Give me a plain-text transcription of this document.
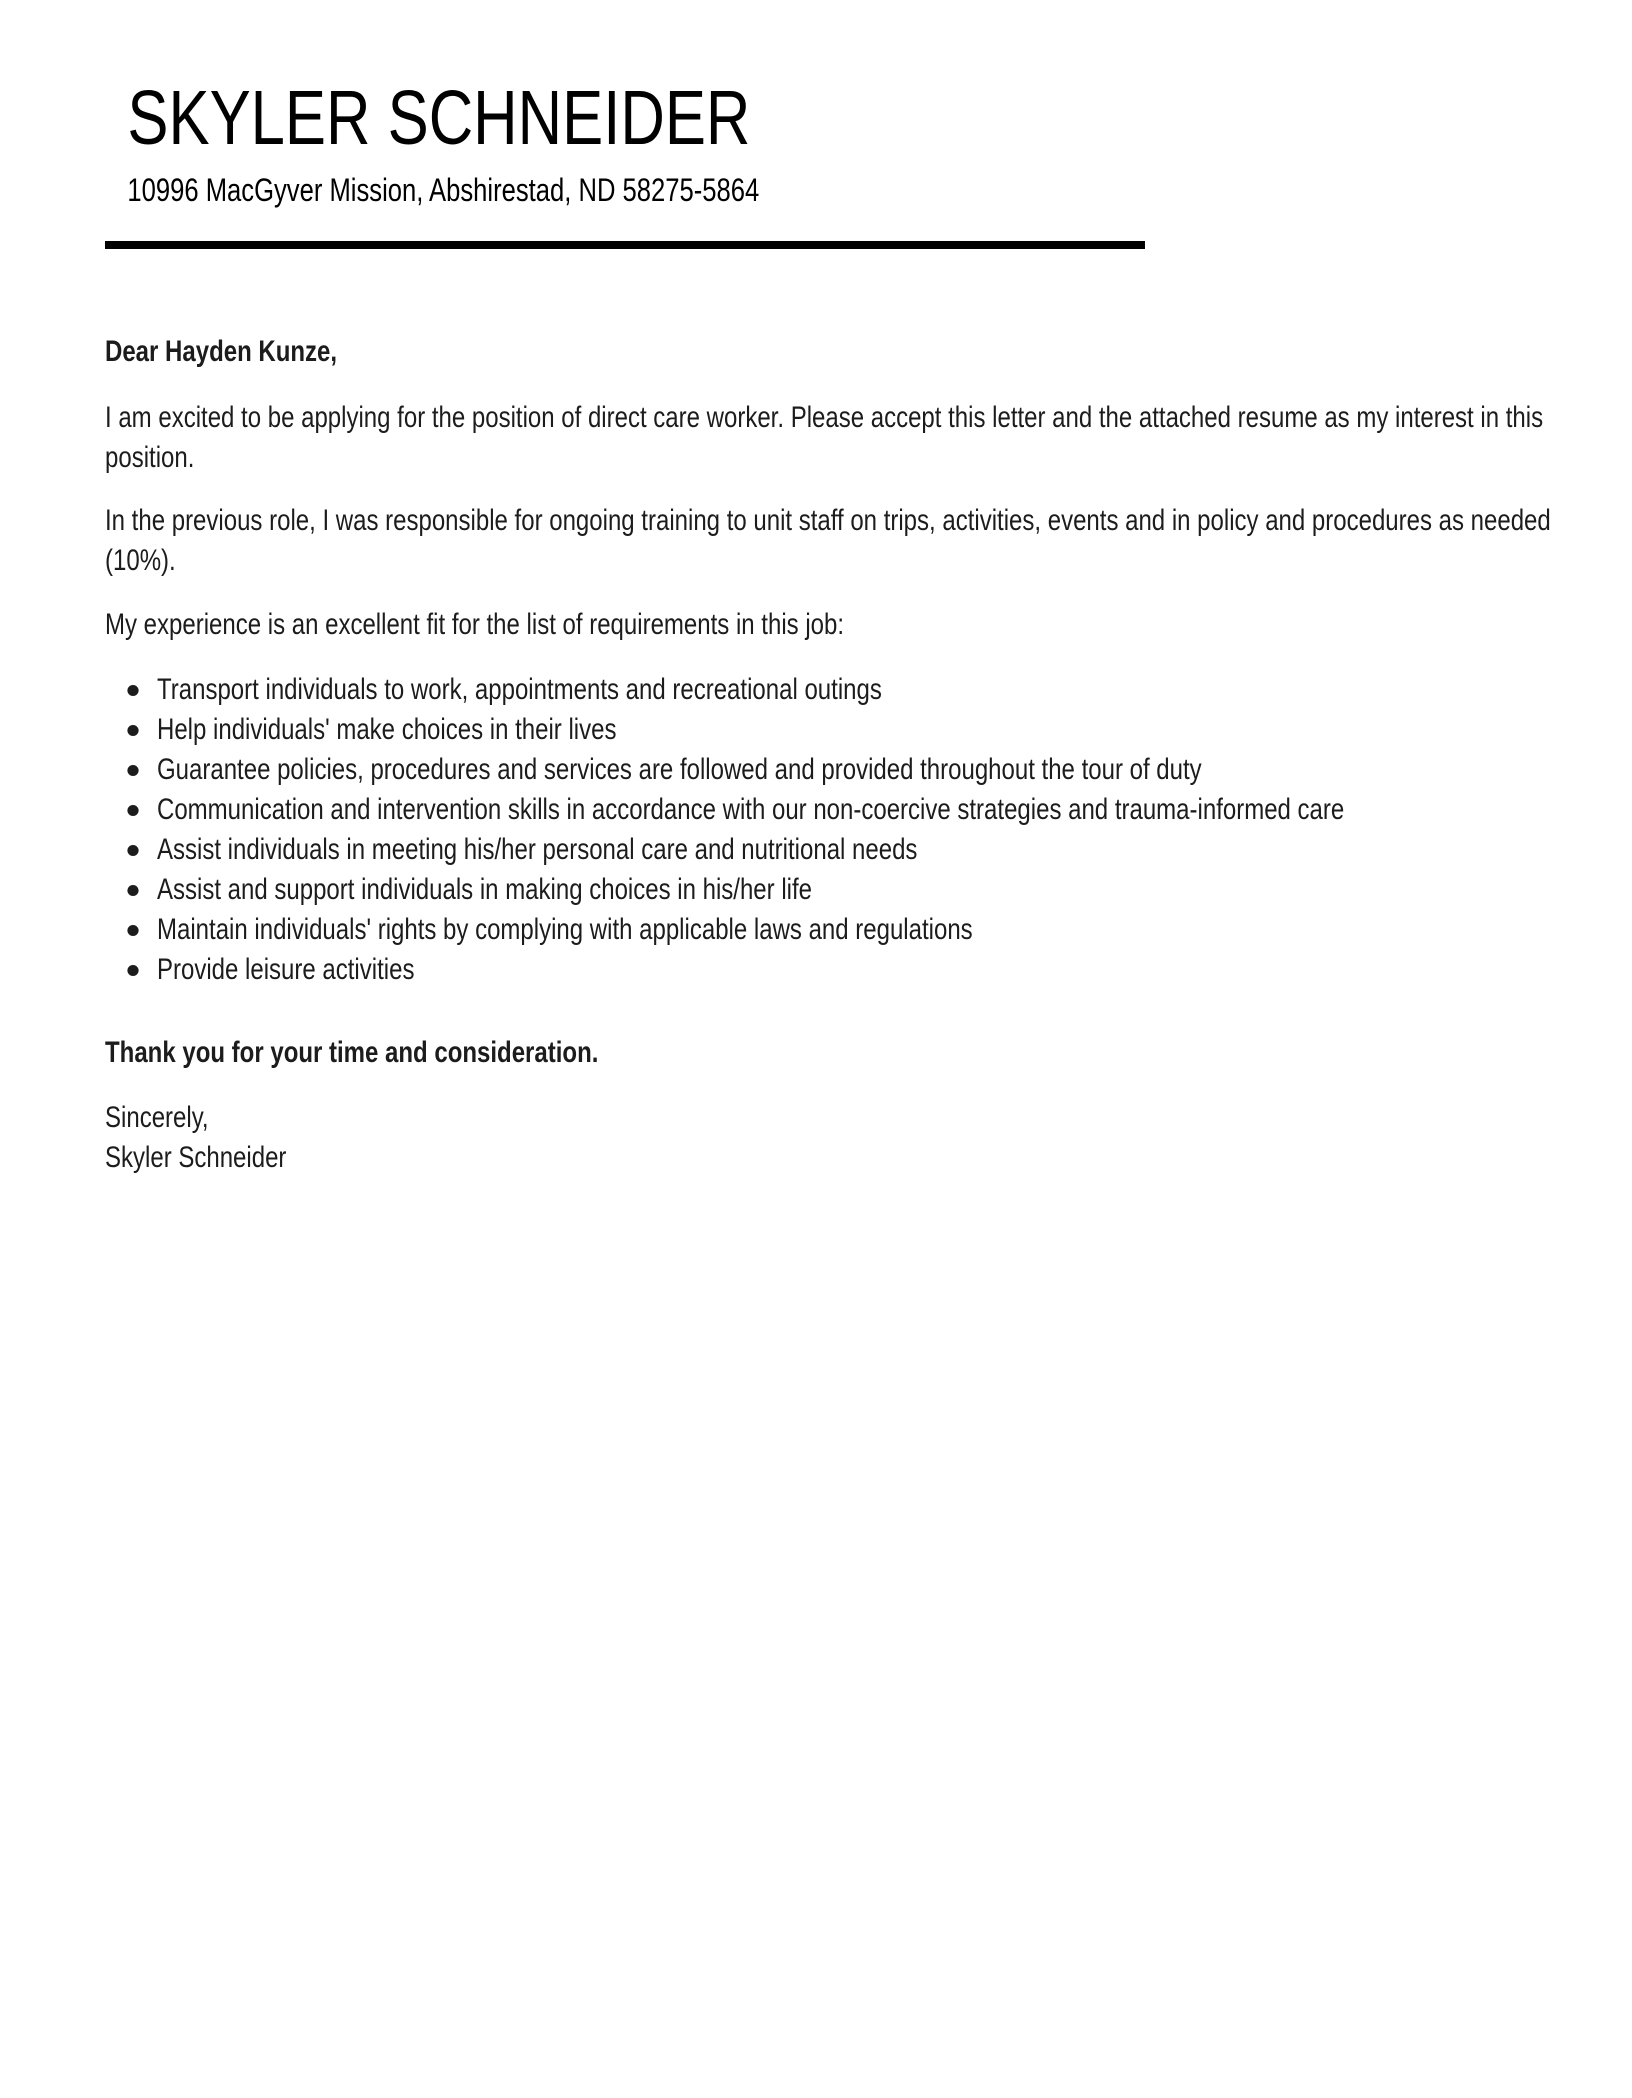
SKYLER SCHNEIDER
10996 MacGyver Mission, Abshirestad, ND 58275-5864
Dear Hayden Kunze,

I am excited to be applying for the position of direct care worker. Please accept this letter and the attached resume as my interest in this position.

In the previous role, I was responsible for ongoing training to unit staff on trips, activities, events and in policy and procedures as needed (10%).

My experience is an excellent fit for the list of requirements in this job:

Transport individuals to work, appointments and recreational outings
Help individuals' make choices in their lives
Guarantee policies, procedures and services are followed and provided throughout the tour of duty
Communication and intervention skills in accordance with our non-coercive strategies and trauma-informed care
Assist individuals in meeting his/her personal care and nutritional needs
Assist and support individuals in making choices in his/her life
Maintain individuals' rights by complying with applicable laws and regulations
Provide leisure activities
Thank you for your time and consideration.
Sincerely,
Skyler Schneider
